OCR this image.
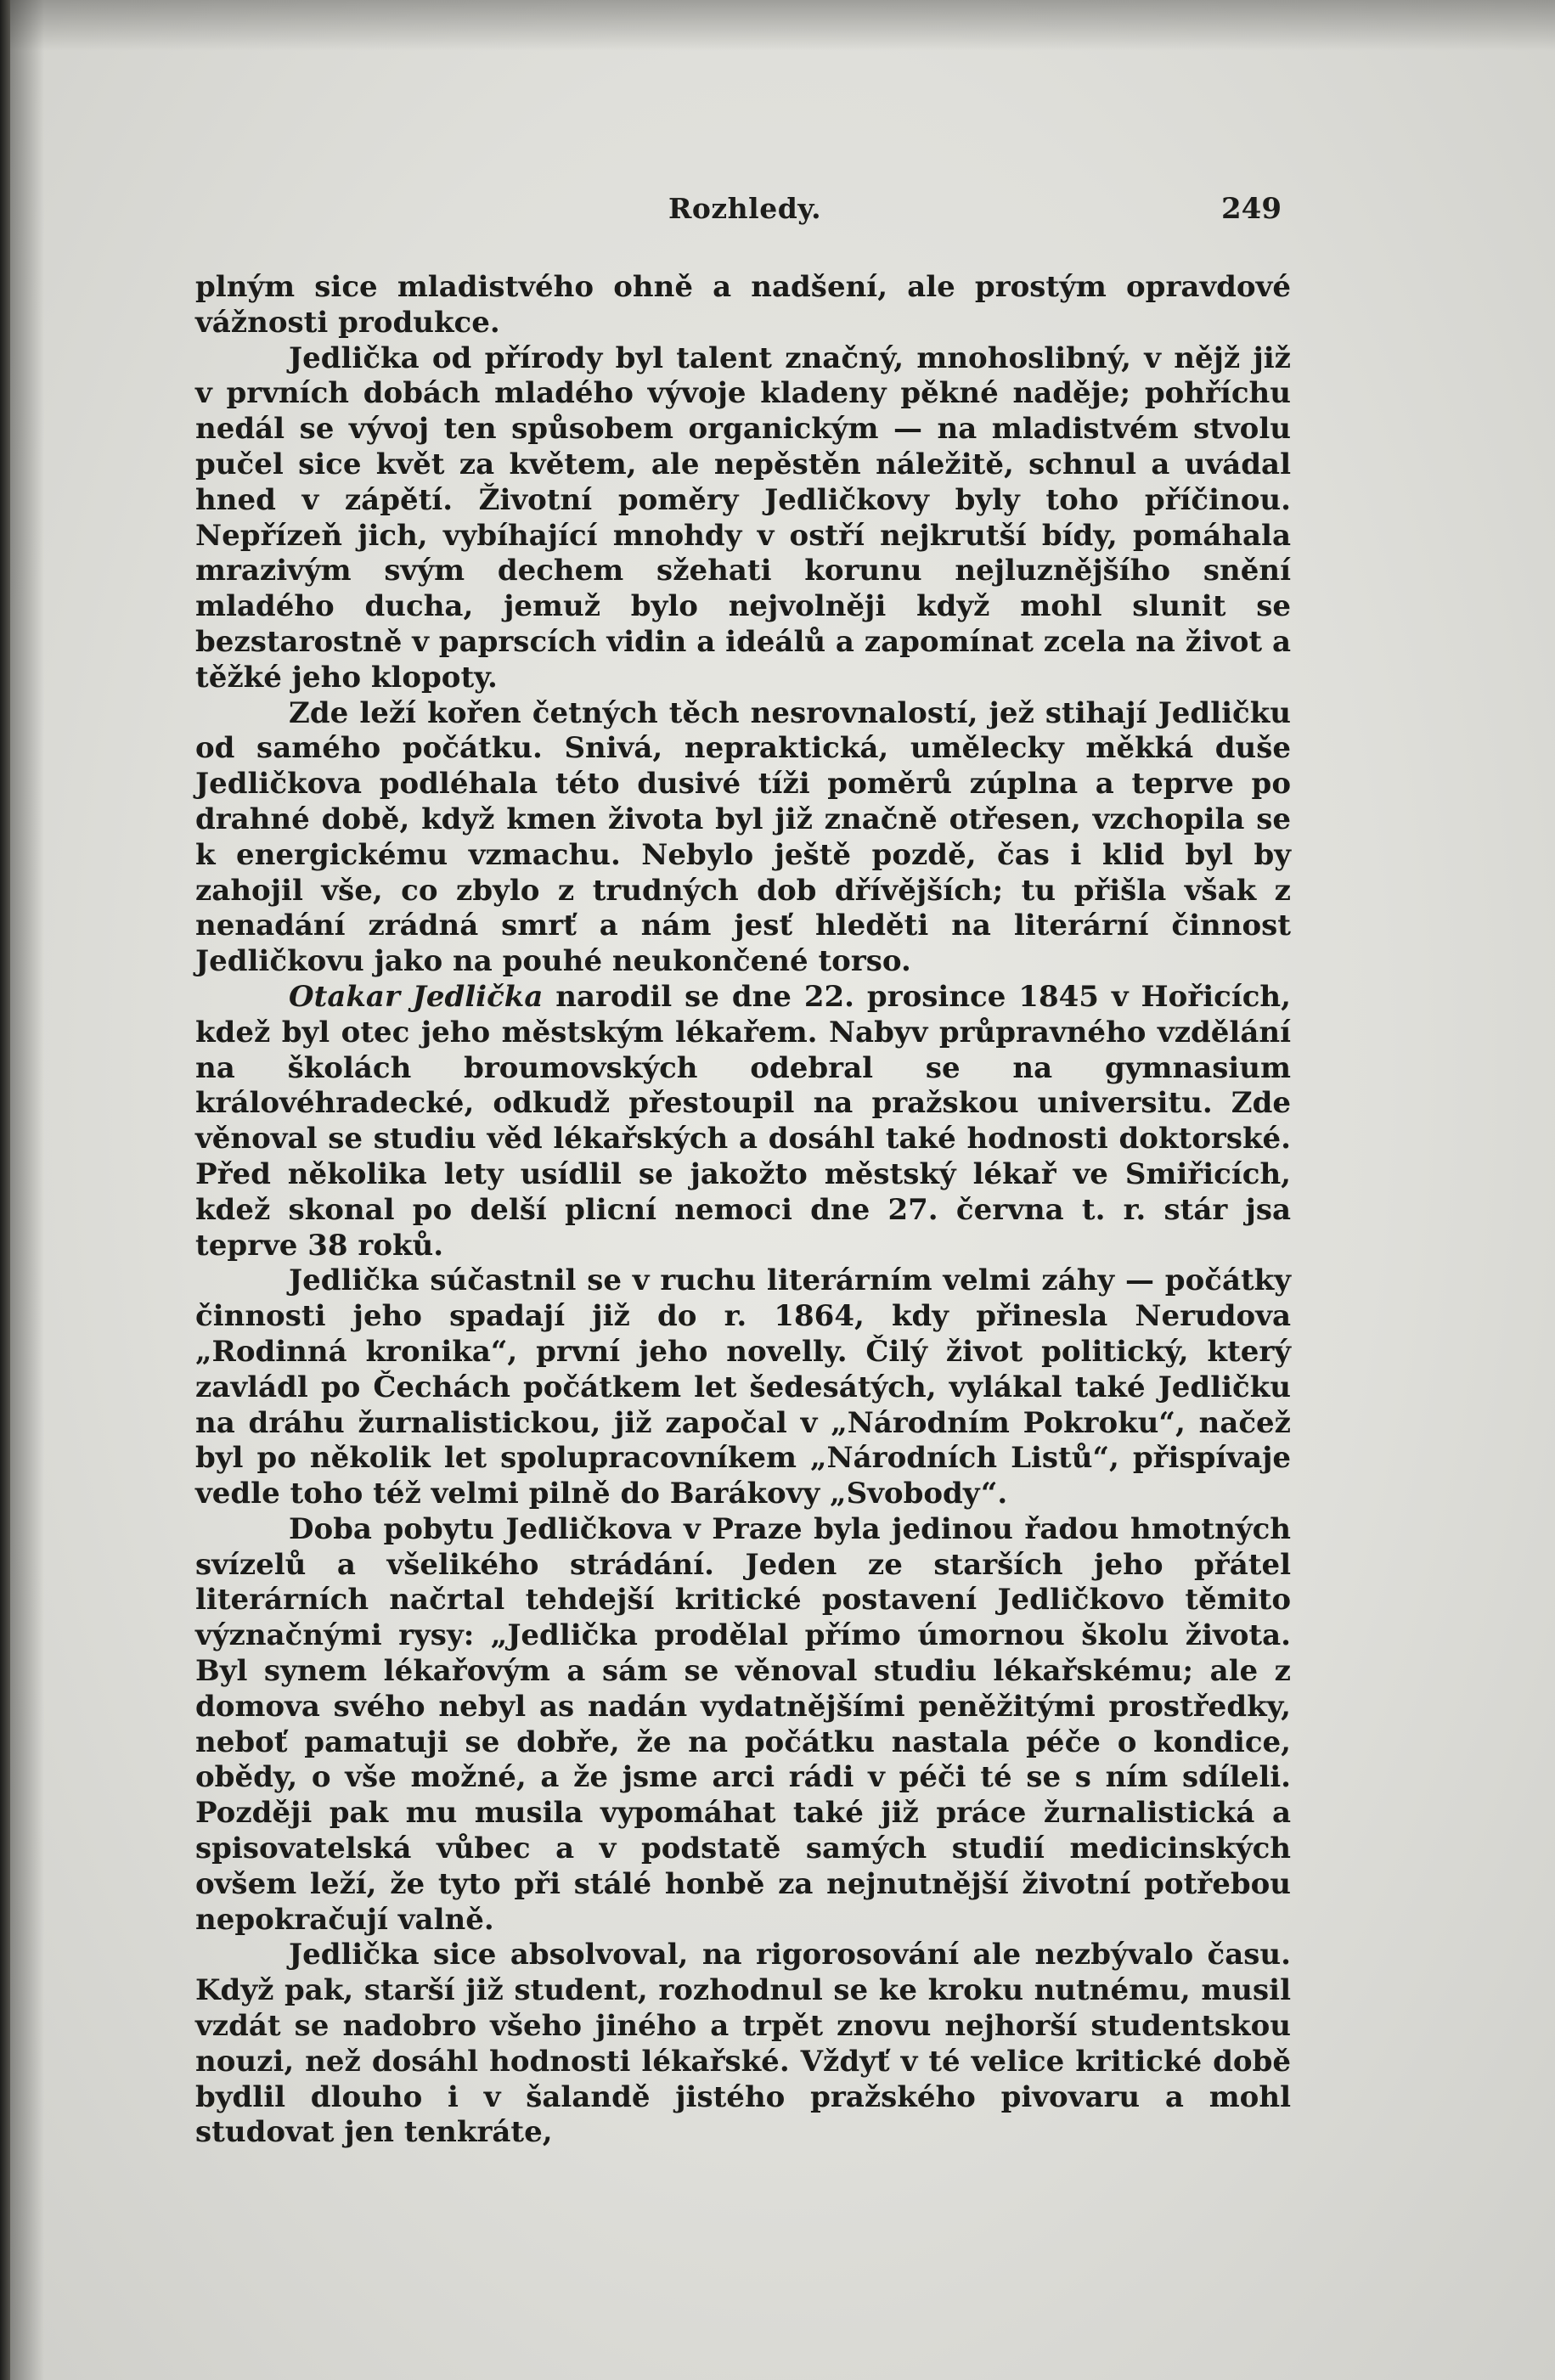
Rozhledy.	249

plným sice mladistvého ohně a nadšení, ale prostým opravdové vážnosti produkce.

Jedlička od přírody byl talent značný, mnohoslibný, v nějž již v prvních dobách mladého vývoje kladeny pěkné naděje; pohříchu nedál se vývoj ten spůsobem organickým — na mladistvém stvolu pučel sice květ za květem, ale nepěstěn náležitě, schnul a uvádal hned v zápětí. Životní poměry Jedličkovy byly toho příčinou. Nepřízeň jich, vybíhající mnohdy v ostří nejkrutší bídy, pomáhala mrazivým svým dechem sžehati korunu nejluznějšího snění mladého ducha, jemuž bylo nejvolněji když mohl slunit se bezstarostně v paprscích vidin a ideálů a zapomínat zcela na život a těžké jeho klopoty.

Zde leží kořen četných těch nesrovnalostí, jež stihají Jedličku od samého počátku. Snivá, nepraktická, umělecky měkká duše Jedličkova podléhala této dusivé tíži poměrů zúplna a teprve po drahné době, když kmen života byl již značně otřesen, vzchopila se k energickému vzmachu. Nebylo ještě pozdě, čas i klid byl by zahojil vše, co zbylo z trudných dob dřívějších; tu přišla však z nenadání zrádná smrť a nám jesť hleděti na literární činnost Jedličkovu jako na pouhé neukončené torso.

Otakar Jedlička narodil se dne 22. prosince 1845 v Hořicích, kdež byl otec jeho městským lékařem. Nabyv průpravného vzdělání na školách broumovských odebral se na gymnasium královéhradecké, odkudž přestoupil na pražskou universitu. Zde věnoval se studiu věd lékařských a dosáhl také hodnosti doktorské. Před několika lety usídlil se jakožto městský lékař ve Smiřicích, kdež skonal po delší plicní nemoci dne 27. června t. r. stár jsa teprve 38 roků.

Jedlička súčastnil se v ruchu literárním velmi záhy — počátky činnosti jeho spadají již do r. 1864, kdy přinesla Nerudova „Rodinná kronika“, první jeho novelly. Čilý život politický, který zavládl po Čechách počátkem let šedesátých, vylákal také Jedličku na dráhu žurnalistickou, již započal v „Národním Pokroku“, načež byl po několik let spolupracovníkem „Národních Listů“, přispívaje vedle toho též velmi pilně do Barákovy „Svobody“.

Doba pobytu Jedličkova v Praze byla jedinou řadou hmotných svízelů a všelikého strádání. Jeden ze starších jeho přátel literárních načrtal tehdejší kritické postavení Jedličkovo těmito význačnými rysy: „Jedlička prodělal přímo úmornou školu života. Byl synem lékařovým a sám se věnoval studiu lékařskému; ale z domova svého nebyl as nadán vydatnějšími peněžitými prostředky, neboť pamatuji se dobře, že na počátku nastala péče o kondice, obědy, o vše možné, a že jsme arci rádi v péči té se s ním sdíleli. Později pak mu musila vypomáhat také již práce žurnalistická a spisovatelská vůbec a v podstatě samých studií medicinských ovšem leží, že tyto při stálé honbě za nejnutnější životní potřebou nepokračují valně.

Jedlička sice absolvoval, na rigorosování ale nezbývalo času. Když pak, starší již student, rozhodnul se ke kroku nutnému, musil vzdát se nadobro všeho jiného a trpět znovu nejhorší studentskou nouzi, než dosáhl hodnosti lékařské. Vždyť v té velice kritické době bydlil dlouho i v šalandě jistého pražského pivovaru a mohl studovat jen tenkráte,
